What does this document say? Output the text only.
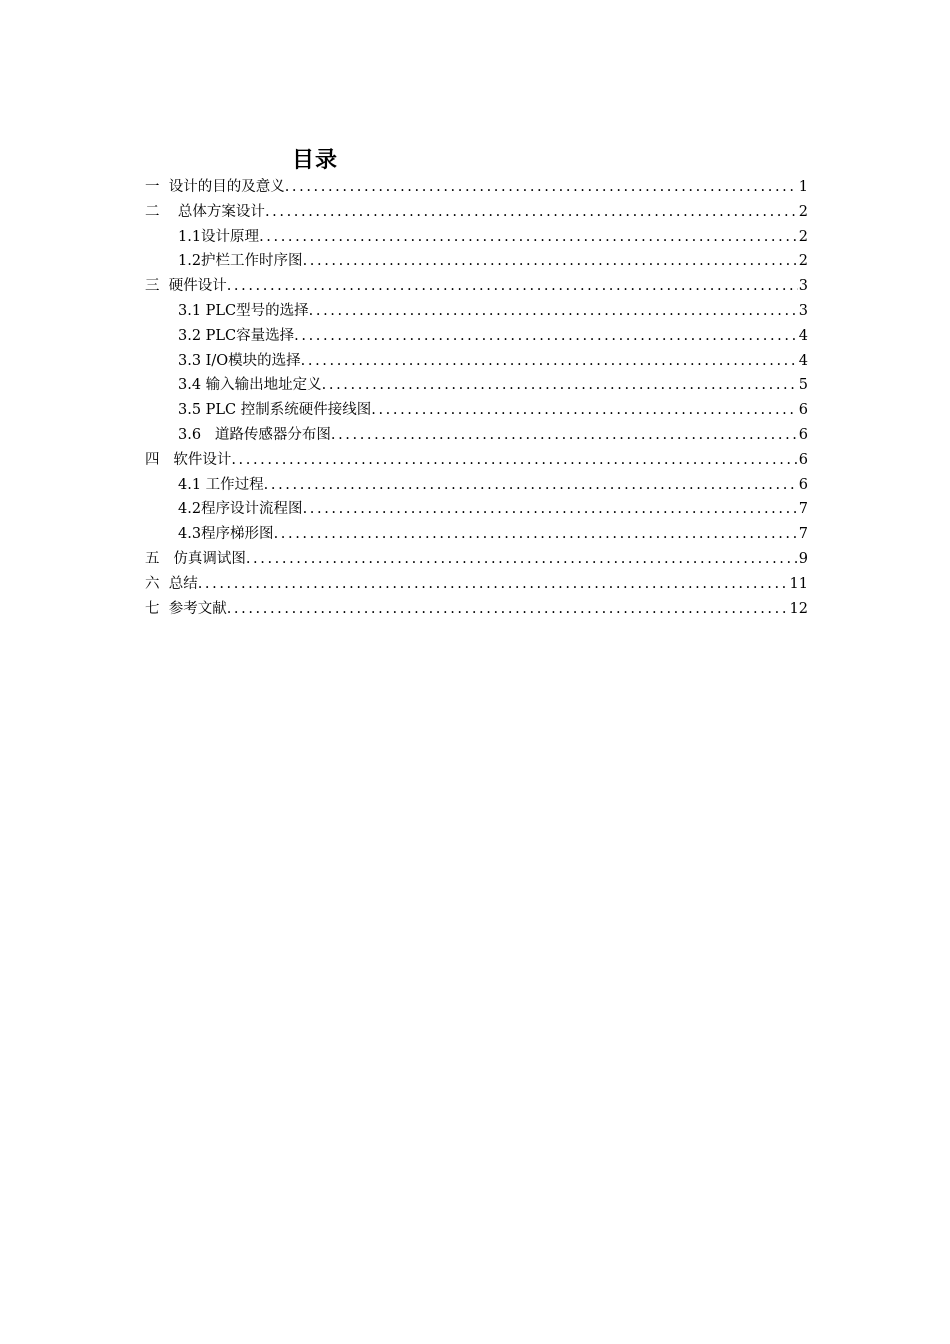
目录
一  设计的目的及意义 .....	1
二    总体方案设计 .....	2
1.1设计原理 .....	2
1.2护栏工作时序图 .....	2
三  硬件设计 .....	3
3.1 PLC型号的选择 .....	3
3.2 PLC容量选择 .....	4
3.3 I/O模块的选择 .....	4
3.4 输入输出地址定义 .....	5
3.5 PLC 控制系统硬件接线图 .....	6
3.6   道路传感器分布图 .....	6
四   软件设计 .....	6
4.1 工作过程 .....	6
4.2程序设计流程图 .....	7
4.3程序梯形图 .....	7
五   仿真调试图 .....	9
六  总结 .....	11
七  参考文献 .....	12
